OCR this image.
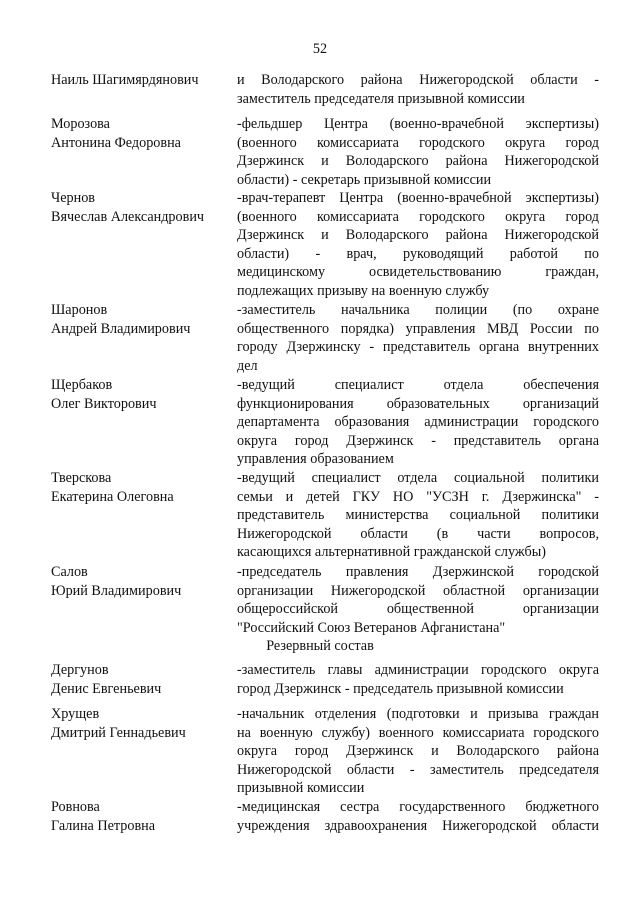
52
Наиль Шагимярдянович	и Володарского района Нижегородской области -
заместитель председателя призывной комиссии
Морозова
Антонина Федоровна
-фельдшер Центра (военно-врачебной экспертизы)
(военного комиссариата городского округа город
Дзержинск и Володарского района Нижегородской
области) - секретарь призывной комиссии
Чернов
Вячеслав Александрович
-врач-терапевт Центра (военно-врачебной экспертизы)
(военного комиссариата городского округа город
Дзержинск и Володарского района Нижегородской
области) - врач, руководящий работой по
медицинскому освидетельствованию граждан,
подлежащих призыву на военную службу
Шаронов
Андрей Владимирович
-заместитель начальника полиции (по охране
общественного порядка) управления МВД России по
городу Дзержинску - представитель органа внутренних
дел
Щербаков
Олег Викторович
-ведущий специалист отдела обеспечения
функционирования образовательных организаций
департамента образования администрации городского
округа город Дзержинск - представитель органа
управления образованием
Тверскова
Екатерина Олеговна
-ведущий специалист отдела социальной политики
семьи и детей ГКУ НО "УСЗН г. Дзержинска" -
представитель министерства социальной политики
Нижегородской области (в части вопросов,
касающихся альтернативной гражданской службы)
Салов
Юрий Владимирович
-председатель правления Дзержинской городской
организации Нижегородской областной организации
общероссийской общественной организации
"Российский Союз Ветеранов Афганистана"
Резервный состав
Дергунов
Денис Евгеньевич
-заместитель главы администрации городского округа
город Дзержинск - председатель призывной комиссии
Хрущев
Дмитрий Геннадьевич
-начальник отделения (подготовки и призыва граждан
на военную службу) военного комиссариата городского
округа город Дзержинск и Володарского района
Нижегородской области - заместитель председателя
призывной комиссии
Ровнова
Галина Петровна
-медицинская сестра государственного бюджетного
учреждения здравоохранения Нижегородской области
